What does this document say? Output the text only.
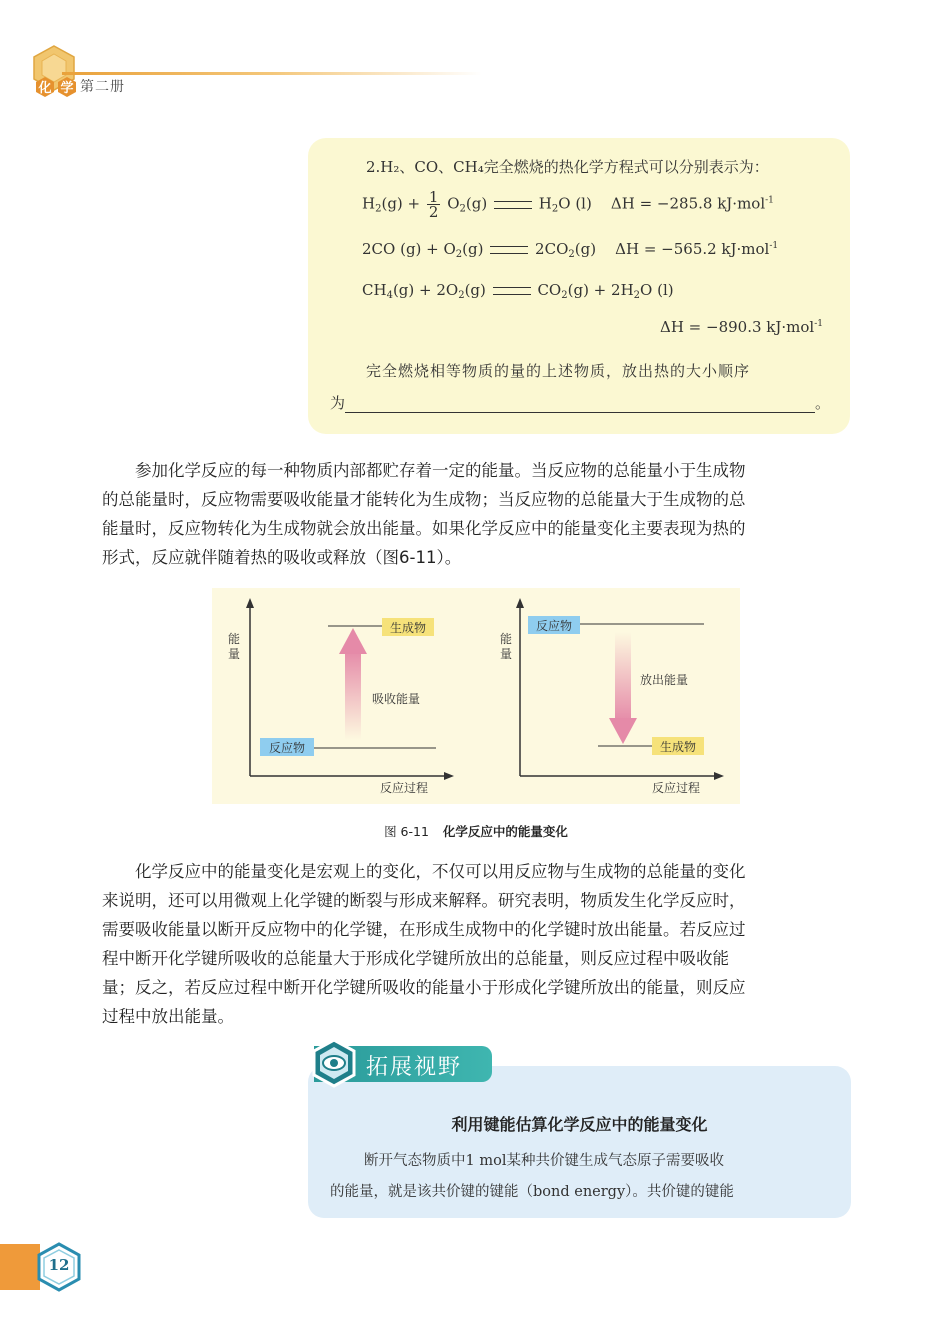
化 学 第二册
2.H₂、CO、CH₄完全燃烧的热化学方程式可以分别表示为：
$H_2(g) + \frac{1}{2} O_2(g)$	$H_2O$ (l) ΔH = −285.8 kJ·mol$^{-1}$
2CO $(g) + O_2(g)$	$2CO_2(g) \Delta H = -565.2$ kJ·mol$^{-1}$
$CH_4(g) + 2O_2(g)$	$CO_2(g) + 2H_2O$ (l)
ΔH = −890.3 kJ·mol$^{-1}$
完全燃烧相等物质的量的上述物质，放出热的大小顺序
为	。
参加化学反应的每一种物质内部都贮存着一定的能量。当反应物的总能量小于生成物
的总能量时，反应物需要吸收能量才能转化为生成物；当反应物的总能量大于生成物的总
能量时，反应物转化为生成物就会放出能量。如果化学反应中的能量变化主要表现为热的
形式，反应就伴随着热的吸收或释放（图6-11）。
能
量
反应过程
生成物
反应物
吸收能量
能
量
反应过程
反应物
生成物
放出能量
图 6-11 化学反应中的能量变化
化学反应中的能量变化是宏观上的变化，不仅可以用反应物与生成物的总能量的变化
来说明，还可以用微观上化学键的断裂与形成来解释。研究表明，物质发生化学反应时，
需要吸收能量以断开反应物中的化学键，在形成生成物中的化学键时放出能量。若反应过
程中断开化学键所吸收的总能量大于形成化学键所放出的总能量，则反应过程中吸收能
量；反之，若反应过程中断开化学键所吸收的能量小于形成化学键所放出的能量，则反应
过程中放出能量。
拓展视野
利用键能估算化学反应中的能量变化
断开气态物质中1 mol某种共价键生成气态原子需要吸收
的能量，就是该共价键的键能（bond energy）。共价键的键能
12
